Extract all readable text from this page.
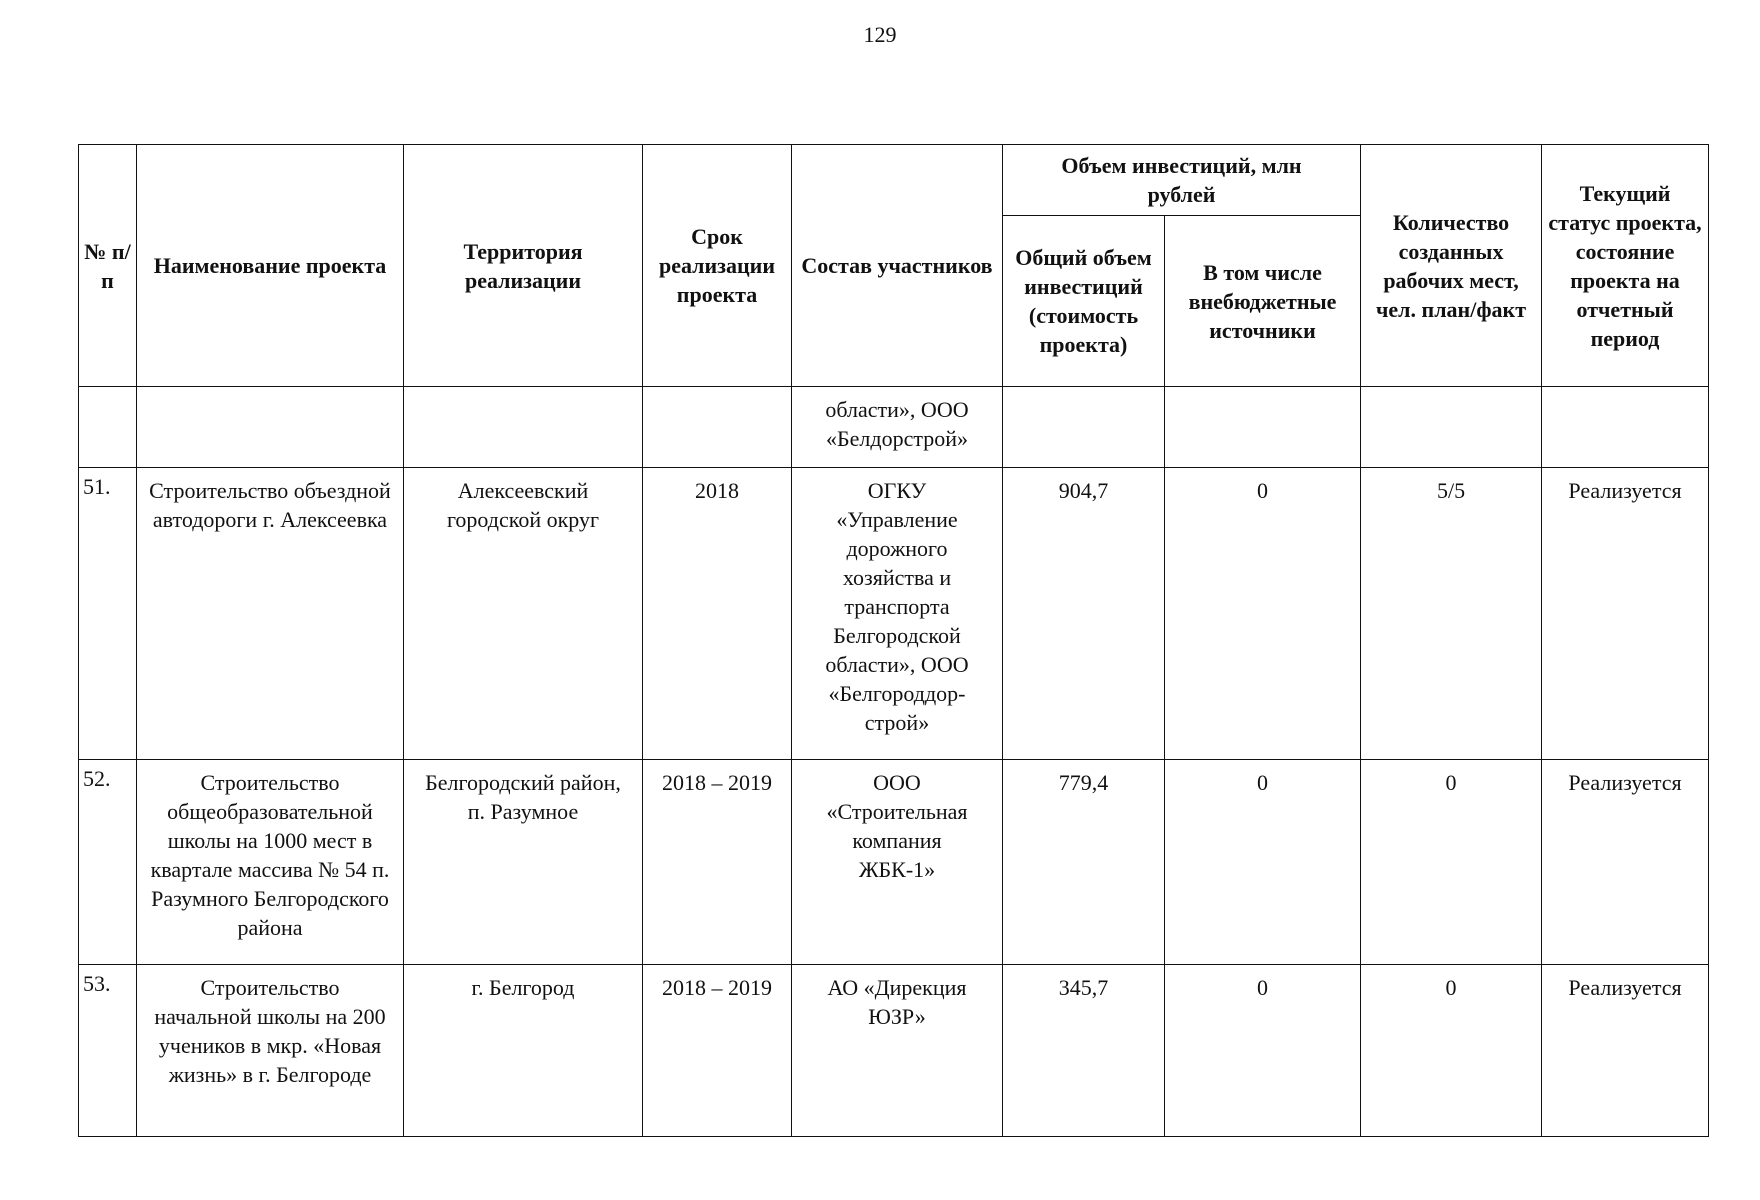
129
№ п/п	Наименование проекта	Территория реализации	Срок реализации проекта	Состав участников	Объем инвестиций, млн рублей		Количество созданных рабочих мест, чел. план/факт	Текущий статус проекта, состояние проекта на отчетный период
					Общий объем инвестиций (стоимость проекта)	В том числе внебюджетные источники		
				области», ООО «Белдорстрой»				
51.	Строительство объездной автодороги г. Алексеевка	Алексеевский городской округ	2018	ОГКУ «Управление дорожного хозяйства и транспорта Белгородской области», ООО «Белгороддор-строй»	904,7	0	5/5	Реализуется
52.	Строительство общеобразовательной школы на 1000 мест в квартале массива № 54 п. Разумного Белгородского района	Белгородский район, п. Разумное	2018 – 2019	ООО «Строительная компания ЖБК-1»	779,4	0	0	Реализуется
53.	Строительство начальной школы на 200 учеников в мкр. «Новая жизнь» в г. Белгороде	г. Белгород	2018 – 2019	АО «Дирекция ЮЗР»	345,7	0	0	Реализуется
